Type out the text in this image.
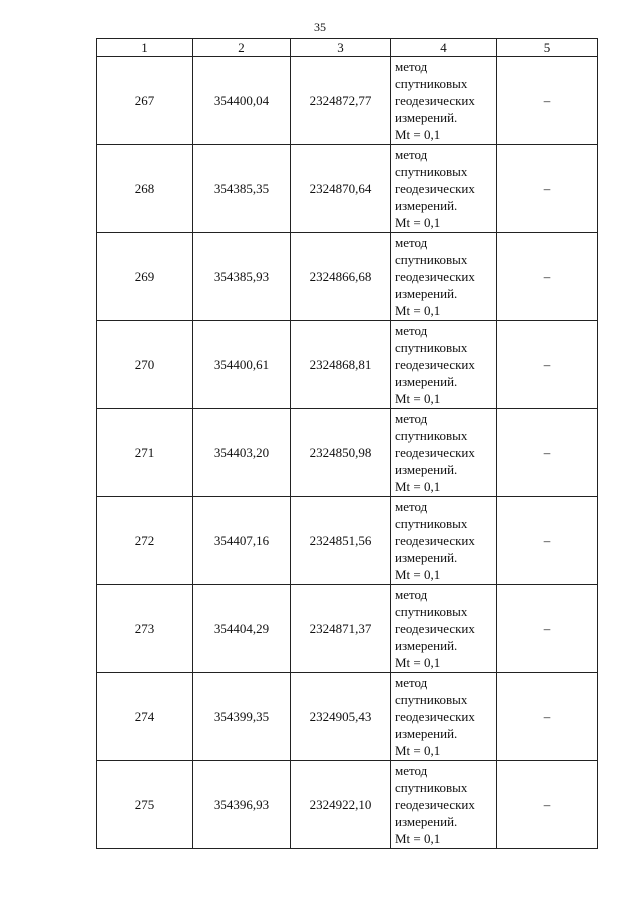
35
1	2	3	4	5
267	354400,04	2324872,77	метод
спутниковых
геодезических
измерений.
Mt = 0,1	–
268	354385,35	2324870,64	метод
спутниковых
геодезических
измерений.
Mt = 0,1	–
269	354385,93	2324866,68	метод
спутниковых
геодезических
измерений.
Mt = 0,1	–
270	354400,61	2324868,81	метод
спутниковых
геодезических
измерений.
Mt = 0,1	–
271	354403,20	2324850,98	метод
спутниковых
геодезических
измерений.
Mt = 0,1	–
272	354407,16	2324851,56	метод
спутниковых
геодезических
измерений.
Mt = 0,1	–
273	354404,29	2324871,37	метод
спутниковых
геодезических
измерений.
Mt = 0,1	–
274	354399,35	2324905,43	метод
спутниковых
геодезических
измерений.
Mt = 0,1	–
275	354396,93	2324922,10	метод
спутниковых
геодезических
измерений.
Mt = 0,1	–
